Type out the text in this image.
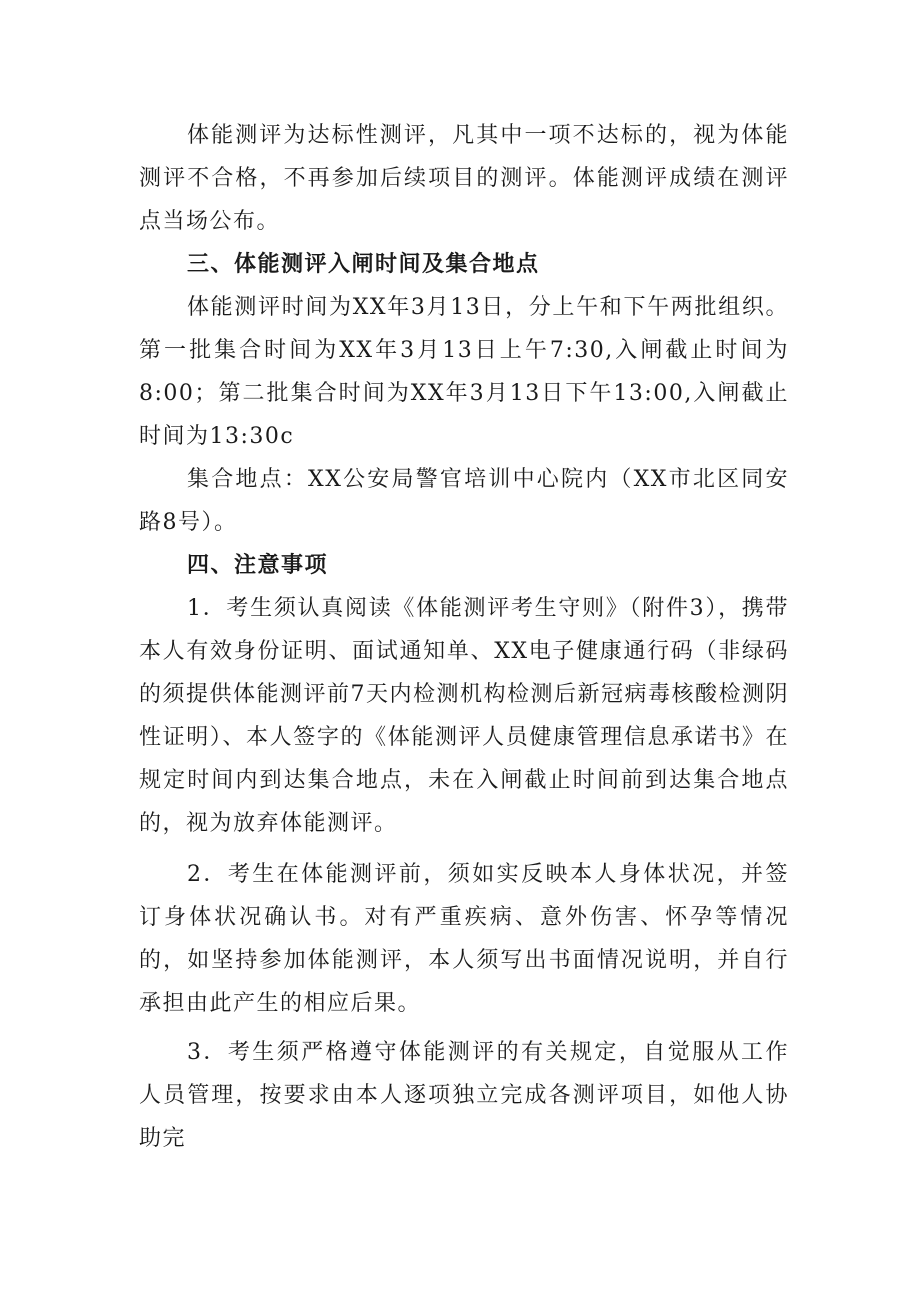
体能测评为达标性测评，凡其中一项不达标的，视为体能测评不合格，不再参加后续项目的测评。体能测评成绩在测评点当场公布。

三、体能测评入闸时间及集合地点

体能测评时间为XX年3月13日，分上午和下午两批组织。第一批集合时间为XX年3月13日上午7:30,入闸截止时间为8:00；第二批集合时间为XX年3月13日下午13:00,入闸截止时间为13:30c

集合地点：XX公安局警官培训中心院内（XX市北区同安路8号）。

四、注意事项

1．考生须认真阅读《体能测评考生守则》（附件3），携带本人有效身份证明、面试通知单、XX电子健康通行码（非绿码的须提供体能测评前7天内检测机构检测后新冠病毒核酸检测阴性证明）、本人签字的《体能测评人员健康管理信息承诺书》在规定时间内到达集合地点，未在入闸截止时间前到达集合地点的，视为放弃体能测评。

2．考生在体能测评前，须如实反映本人身体状况，并签订身体状况确认书。对有严重疾病、意外伤害、怀孕等情况的，如坚持参加体能测评，本人须写出书面情况说明，并自行承担由此产生的相应后果。

3．考生须严格遵守体能测评的有关规定，自觉服从工作人员管理，按要求由本人逐项独立完成各测评项目，如他人协助完
